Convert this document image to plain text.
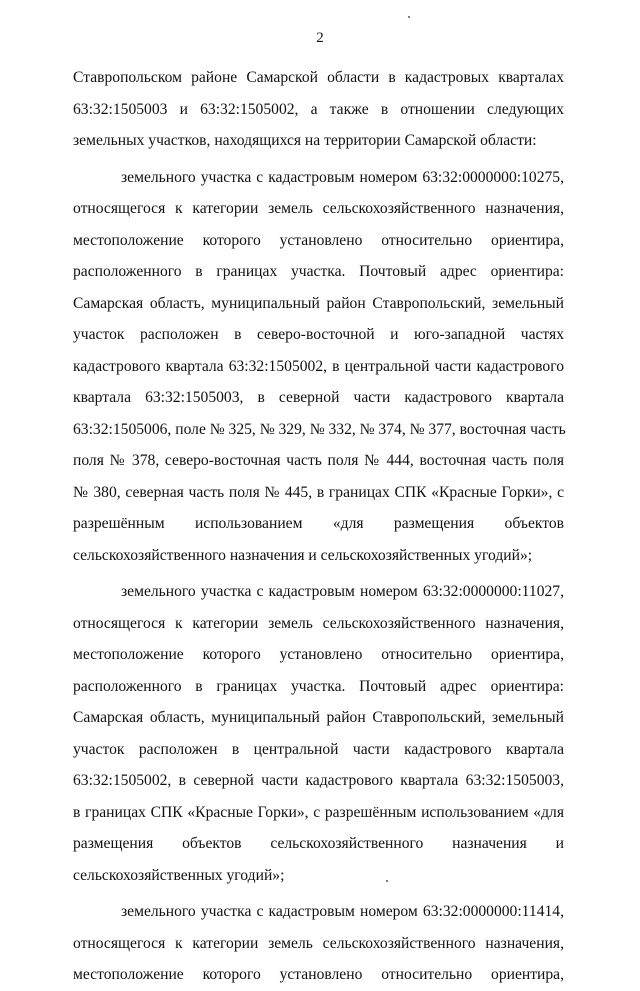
2
Ставропольском районе Самарской области в кадастровых кварталах
63:32:1505003 и 63:32:1505002, а также в отношении следующих
земельных участков, находящихся на территории Самарской области:
земельного участка с кадастровым номером 63:32:0000000:10275,
относящегося к категории земель сельскохозяйственного назначения,
местоположение которого установлено относительно ориентира,
расположенного в границах участка. Почтовый адрес ориентира:
Самарская область, муниципальный район Ставропольский, земельный
участок расположен в северо-восточной и юго-западной частях
кадастрового квартала 63:32:1505002, в центральной части кадастрового
квартала 63:32:1505003, в северной части кадастрового квартала
63:32:1505006, поле № 325, № 329, № 332, № 374, № 377, восточная часть
поля № 378, северо-восточная часть поля № 444, восточная часть поля
№ 380, северная часть поля № 445, в границах СПК «Красные Горки», с
разрешённым использованием «для размещения объектов
сельскохозяйственного назначения и сельскохозяйственных угодий»;
земельного участка с кадастровым номером 63:32:0000000:11027,
относящегося к категории земель сельскохозяйственного назначения,
местоположение которого установлено относительно ориентира,
расположенного в границах участка. Почтовый адрес ориентира:
Самарская область, муниципальный район Ставропольский, земельный
участок расположен в центральной части кадастрового квартала
63:32:1505002, в северной части кадастрового квартала 63:32:1505003,
в границах СПК «Красные Горки», с разрешённым использованием «для
размещения объектов сельскохозяйственного назначения и
сельскохозяйственных угодий»;
земельного участка с кадастровым номером 63:32:0000000:11414,
относящегося к категории земель сельскохозяйственного назначения,
местоположение которого установлено относительно ориентира,
